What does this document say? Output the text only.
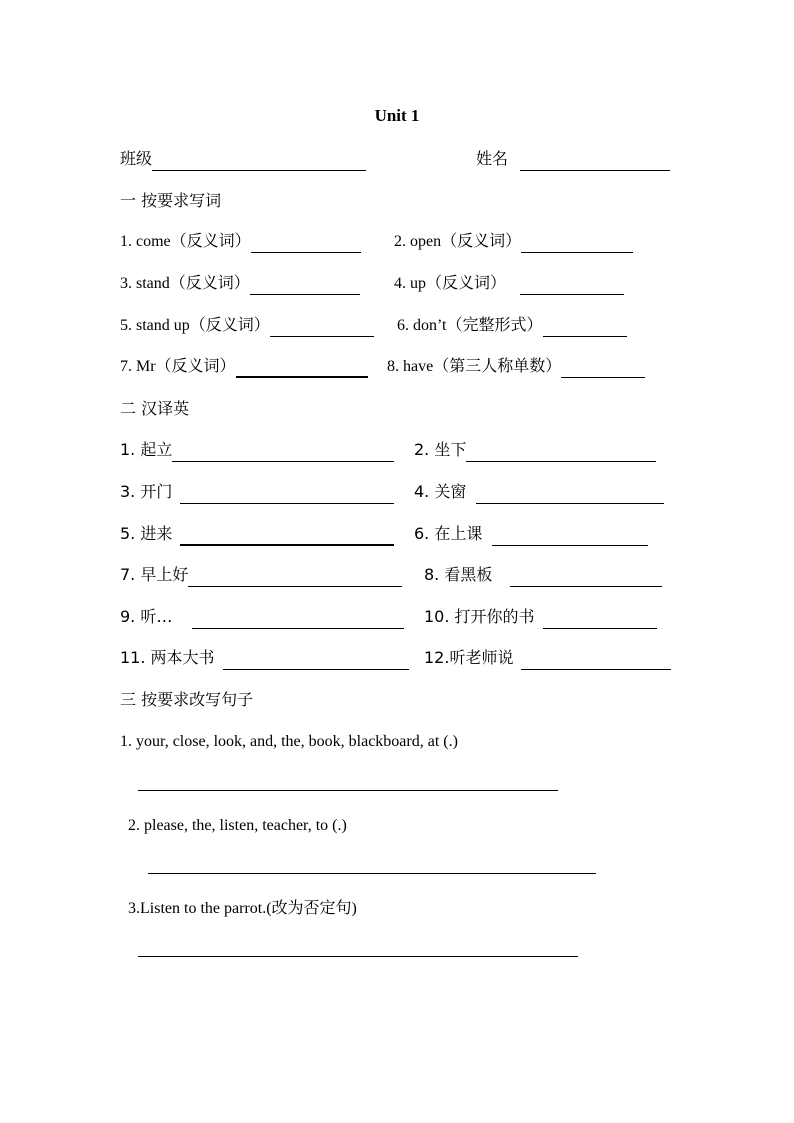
Unit 1
班级	姓名
一 按要求写词
1. come（反义词）	2. open（反义词）
3. stand（反义词）	4. up（反义词）
5. stand up（反义词）	6. don’t（完整形式）
7. Mr（反义词）	8. have（第三人称单数）
二 汉译英
1. 起立	2. 坐下
3. 开门	4. 关窗
5. 进来	6. 在上课
7. 早上好	8. 看黑板
9. 听…	10. 打开你的书
11. 两本大书	12.听老师说
三 按要求改写句子
1. your, close, look, and, the, book, blackboard, at (.)
2. please, the, listen, teacher, to (.)
3.Listen to the parrot.(改为否定句)
